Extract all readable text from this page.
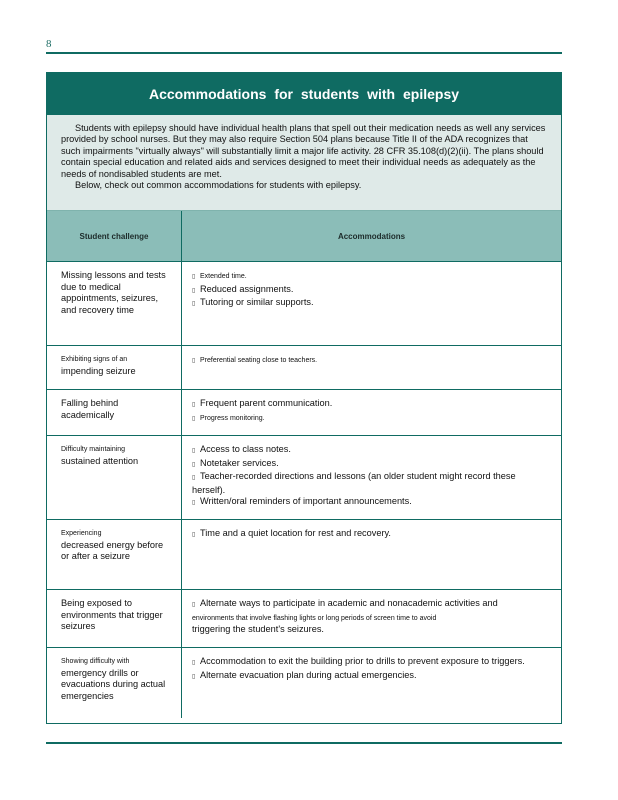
8
Accommodations for students with epilepsy

Students with epilepsy should have individual health plans that spell out their medication needs as well any services provided by school nurses. But they may also require Section 504 plans because Title II of the ADA recognizes that such impairments "virtually always" will substantially limit a major life activity. 28 CFR 35.108(d)(2)(ii). The plans should contain special education and related aids and services designed to meet their individual needs as adequately as the needs of nondisabled students are met.

Below, check out common accommodations for students with epilepsy.

Student challenge	Accommodations

Missing lessons and tests due to medical appointments, seizures, and recovery time	▯ Extended time.
▯ Reduced assignments.
▯ Tutoring or similar supports.

Exhibiting signs of an
impending seizure	▯ Preferential seating close to teachers.

Falling behind academically	▯ Frequent parent communication.
▯ Progress monitoring.

Difficulty maintaining
sustained attention	▯ Access to class notes.
▯ Notetaker services.
▯ Teacher-recorded directions and lessons (an older student might record these herself).
▯ Written/oral reminders of important announcements.

Experiencing
decreased energy before or after a seizure	▯ Time and a quiet location for rest and recovery.

Being exposed to environments that trigger seizures	▯ Alternate ways to participate in academic and nonacademic activities and
environments that involve flashing lights or long periods of screen time to avoid
triggering the student's seizures.

Showing difficulty with
emergency drills or evacuations during actual emergencies	▯ Accommodation to exit the building prior to drills to prevent exposure to triggers.
▯ Alternate evacuation plan during actual emergencies.
